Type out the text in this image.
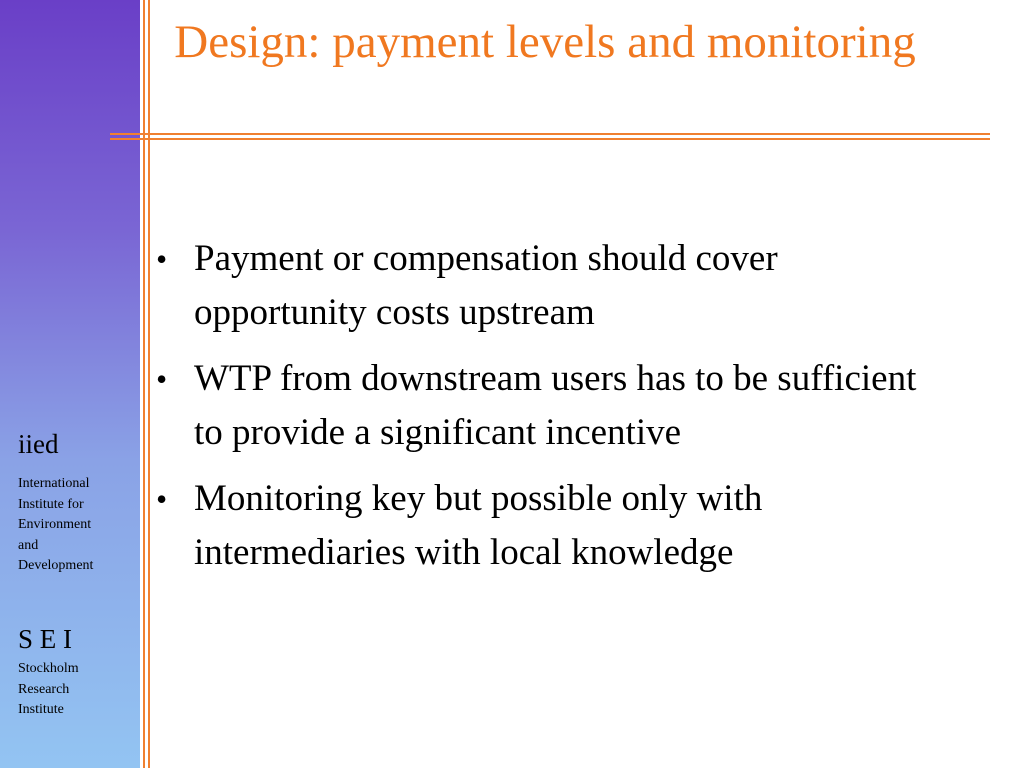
Design: payment levels and monitoring
• Payment or compensation should cover opportunity costs upstream
• WTP from downstream users has to be sufficient to provide a significant incentive
• Monitoring key but possible only with intermediaries with local knowledge
iied
International
Institute for
Environment
and
Development
S E I
Stockholm
Research
Institute
